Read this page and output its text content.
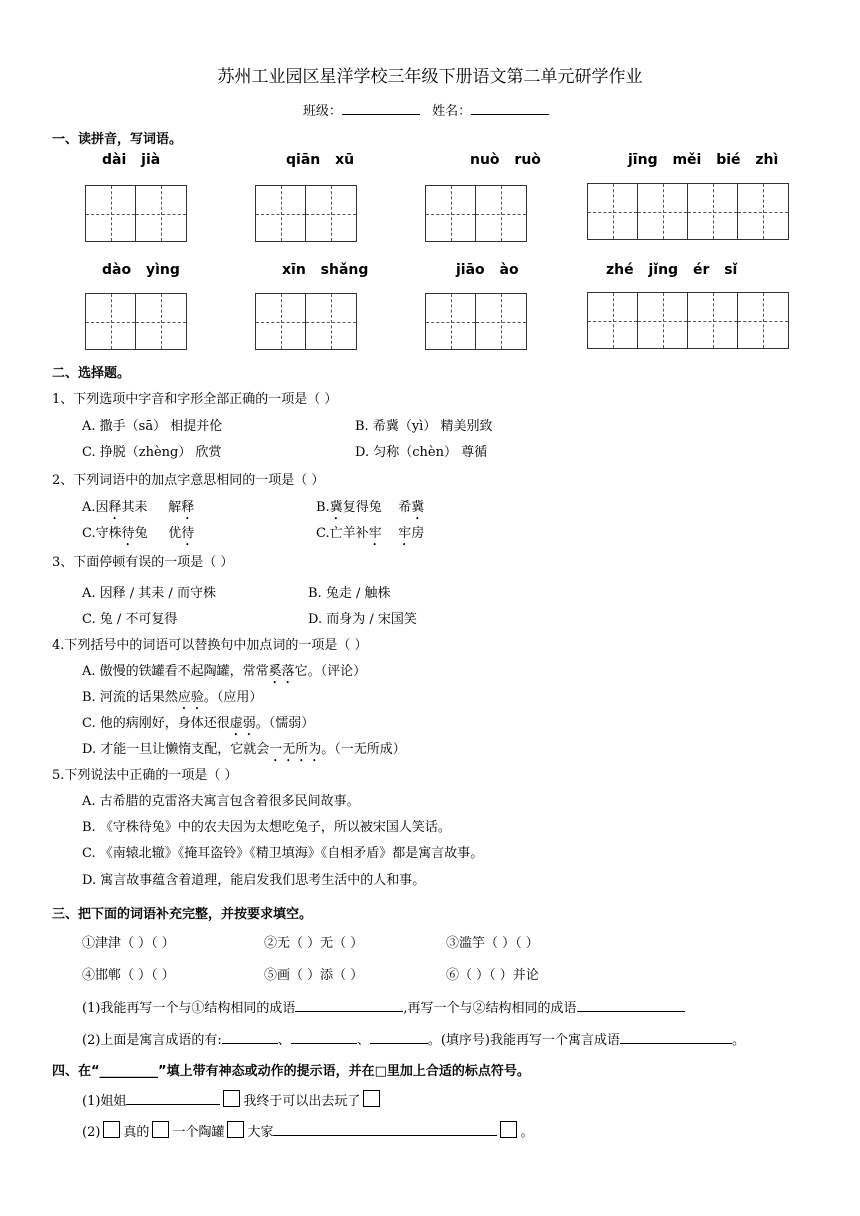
苏州工业园区星洋学校三年级下册语文第二单元研学作业
班级：	姓名：
一、读拼音，写词语。
dài jià	qiān xū	nuò ruò	jīng měi bié zhì
dào yìng	xīn shǎng	jiāo ào	zhé jǐng ér sǐ
二、选择题。
1、下列选项中字音和字形全部正确的一项是（ ）
A. 撒手（sā） 相提并伦	B. 希冀（yì） 精美别致
C. 挣脱（zhèng） 欣赏	D. 匀称（chèn） 尊循
2、下列词语中的加点字意思相同的一项是（ ）
A.因释其耒     解释	B.冀复得兔    希冀
C.守株待兔     优待	C.亡羊补牢 牢房
3、下面停顿有误的一项是（ ）
A. 因释 / 其耒 / 而守株	B. 兔走 / 触株
C. 兔 / 不可复得	D. 而身为 / 宋国笑
4.下列括号中的词语可以替换句中加点词的一项是（ ）
A. 傲慢的铁罐看不起陶罐，常常奚落它。（评论）
B. 河流的话果然应验。（应用）
C. 他的病刚好，身体还很虚弱。（懦弱）
D. 才能一旦让懒惰支配，它就会一无所为。（一无所成）
5.下列说法中正确的一项是（ ）
A. 古希腊的克雷洛夫寓言包含着很多民间故事。
B. 《守株待兔》中的农夫因为太想吃兔子，所以被宋国人笑话。
C. 《南辕北辙》《掩耳盗铃》《精卫填海》《自相矛盾》都是寓言故事。
D. 寓言故事蕴含着道理，能启发我们思考生活中的人和事。
三、把下面的词语补充完整，并按要求填空。
①津津（ ）（ ）	②无（ ）无（ ）	③滥竽（ ）（ ）
④邯郸（ ）（ ）	⑤画（ ）添（ ）	⑥（ ）（ ）并论
(1)我能再写一个与①结构相同的成语	,再写一个与②结构相同的成语
(2)上面是寓言成语的有:	、	、	。(填序号)我能再写一个寓言成语	。
四、在“_________”填上带有神态或动作的提示语，并在□里加上合适的标点符号。
(1)姐姐	我终于可以出去玩了
(2) 真的 一个陶罐 大家	。
